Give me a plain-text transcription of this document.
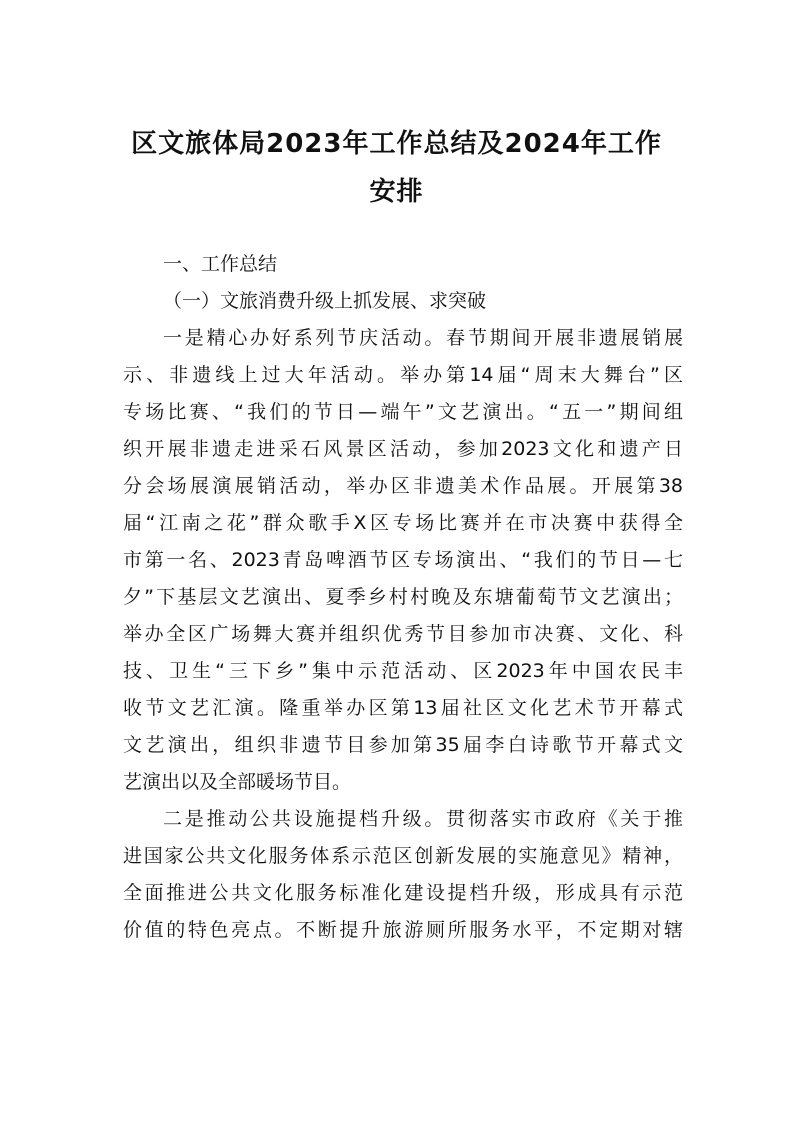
区文旅体局2023年工作总结及2024年工作
安排
一、工作总结
（一）文旅消费升级上抓发展、求突破
一是精心办好系列节庆活动。春节期间开展非遗展销展
示、非遗线上过大年活动。举办第14届“周末大舞台”区
专场比赛、“我们的节日—端午”文艺演出。“五一”期间组
织开展非遗走进采石风景区活动，参加2023文化和遗产日
分会场展演展销活动，举办区非遗美术作品展。开展第38
届“江南之花”群众歌手X区专场比赛并在市决赛中获得全
市第一名、2023青岛啤酒节区专场演出、“我们的节日—七
夕”下基层文艺演出、夏季乡村村晚及东塘葡萄节文艺演出；
举办全区广场舞大赛并组织优秀节目参加市决赛、文化、科
技、卫生“三下乡”集中示范活动、区2023年中国农民丰
收节文艺汇演。隆重举办区第13届社区文化艺术节开幕式
文艺演出，组织非遗节目参加第35届李白诗歌节开幕式文
艺演出以及全部暖场节目。
二是推动公共设施提档升级。贯彻落实市政府《关于推
进国家公共文化服务体系示范区创新发展的实施意见》精神，
全面推进公共文化服务标准化建设提档升级，形成具有示范
价值的特色亮点。不断提升旅游厕所服务水平，不定期对辖
